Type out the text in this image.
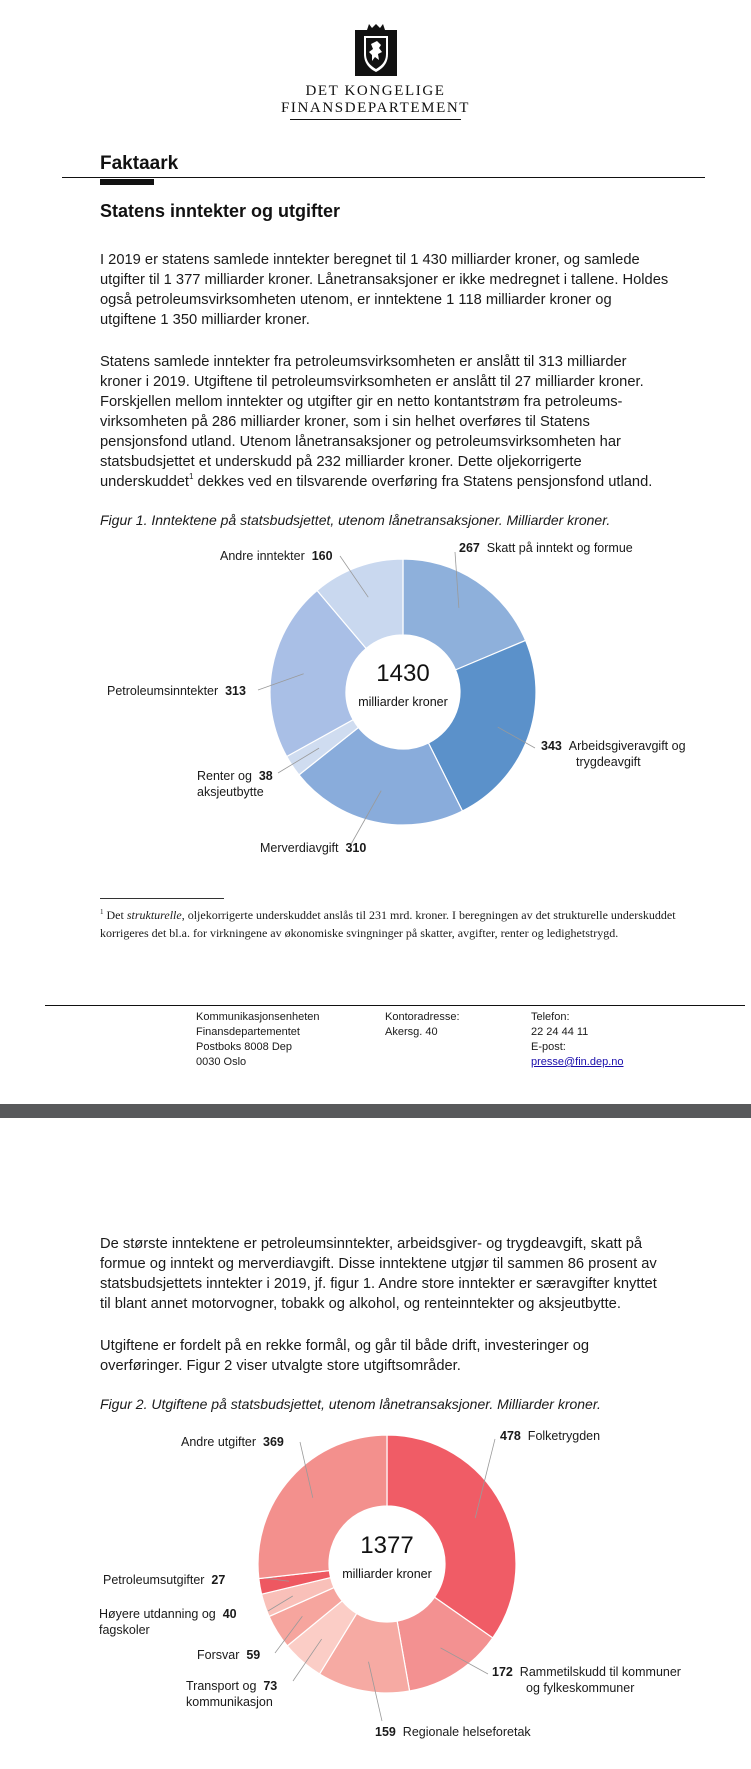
DET KONGELIGE
FINANSDEPARTEMENT
Faktaark
Statens inntekter og utgifter

I 2019 er statens samlede inntekter beregnet til 1 430 milliarder kroner, og samlede
utgifter til 1 377 milliarder kroner. Lånetransaksjoner er ikke medregnet i tallene. Holdes
også petroleumsvirksomheten utenom, er inntektene 1 118 milliarder kroner og
utgiftene 1 350 milliarder kroner.

Statens samlede inntekter fra petroleumsvirksomheten er anslått til 313 milliarder
kroner i 2019. Utgiftene til petroleumsvirksomheten er anslått til 27 milliarder kroner.
Forskjellen mellom inntekter og utgifter gir en netto kontantstrøm fra petroleums-
virksomheten på 286 milliarder kroner, som i sin helhet overføres til Statens
pensjonsfond utland. Utenom lånetransaksjoner og petroleumsvirksomheten har
statsbudsjettet et underskudd på 232 milliarder kroner. Dette oljekorrigerte
underskuddet$^1$ dekkes ved en tilsvarende overføring fra Statens pensjonsfond utland.

Figur 1. Inntektene på statsbudsjettet, utenom lånetransaksjoner. Milliarder kroner.
267  Skatt på inntekt og formue
343  Arbeidsgiveravgift og
trygdeavgift
Merverdiavgift  310
Renter og  38
aksjeutbytte
Petroleumsinntekter  313
Andre inntekter  160
1430
milliarder kroner

$^1$ Det strukturelle, oljekorrigerte underskuddet anslås til 231 mrd. kroner. I beregningen av det strukturelle underskuddet korrigeres det bl.a. for virkningene av økonomiske svingninger på skatter, avgifter, renter og ledighetstrygd.

Kommunikasjonsenheten
Finansdepartementet
Postboks 8008 Dep
0030 Oslo
Kontoradresse:
Akersg. 40
Telefon:
22 24 44 11
E-post:
presse@fin.dep.no

De største inntektene er petroleumsinntekter, arbeidsgiver- og trygdeavgift, skatt på
formue og inntekt og merverdiavgift. Disse inntektene utgjør til sammen 86 prosent av
statsbudsjettets inntekter i 2019, jf. figur 1. Andre store inntekter er særavgifter knyttet
til blant annet motorvogner, tobakk og alkohol, og renteinntekter og aksjeutbytte.

Utgiftene er fordelt på en rekke formål, og går til både drift, investeringer og
overføringer. Figur 2 viser utvalgte store utgiftsområder.

Figur 2. Utgiftene på statsbudsjettet, utenom lånetransaksjoner. Milliarder kroner.
478  Folketrygden
172  Rammetilskudd til kommuner
og fylkeskommuner
159  Regionale helseforetak
Transport og  73
kommunikasjon
Forsvar  59
Høyere utdanning og  40
fagskoler
Petroleumsutgifter  27
Andre utgifter  369
1377
milliarder kroner
